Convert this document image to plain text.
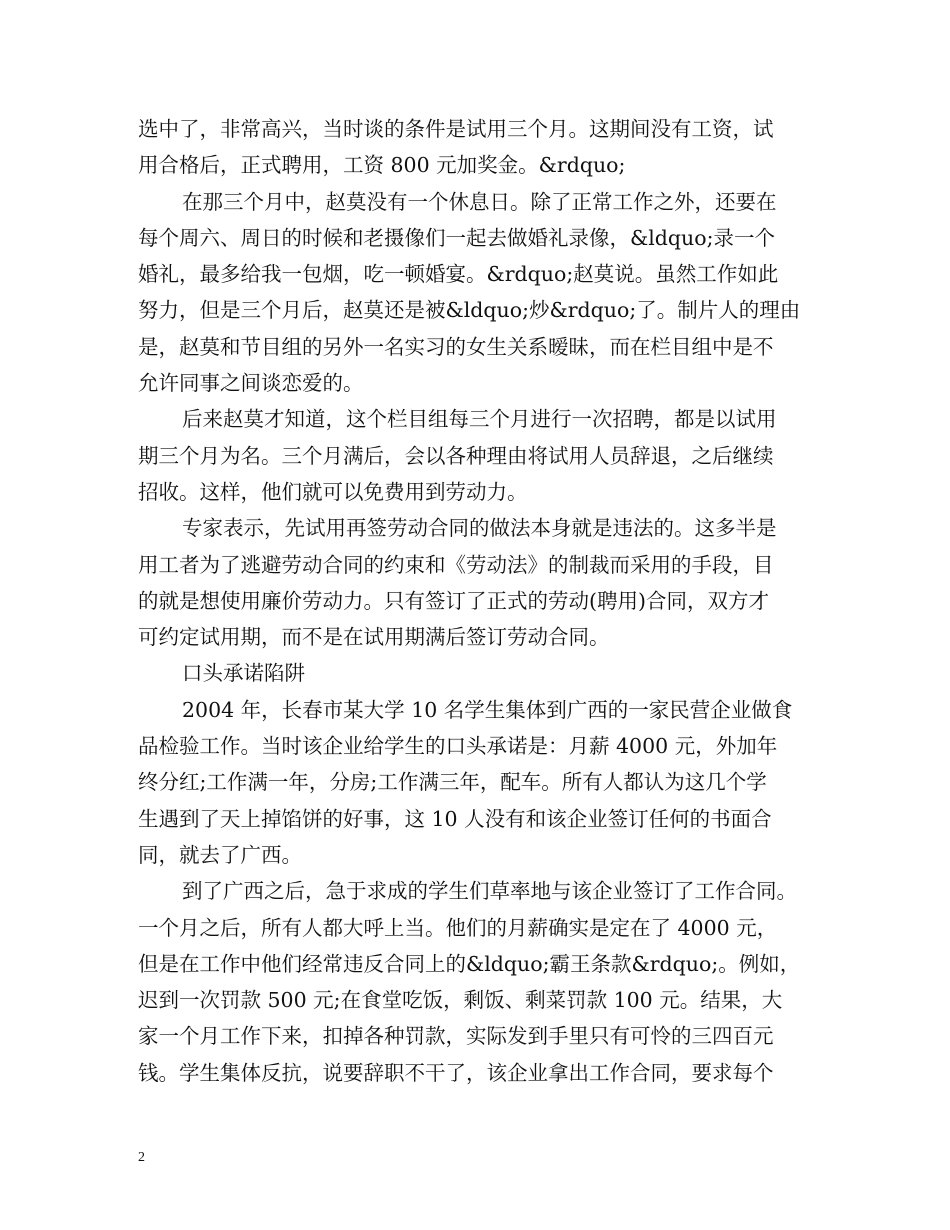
选中了，非常高兴，当时谈的条件是试用三个月。这期间没有工资，试
用合格后，正式聘用，工资 800 元加奖金。&rdquo;
在那三个月中，赵莫没有一个休息日。除了正常工作之外，还要在
每个周六、周日的时候和老摄像们一起去做婚礼录像，&ldquo;录一个
婚礼，最多给我一包烟，吃一顿婚宴。&rdquo;赵莫说。虽然工作如此
努力，但是三个月后，赵莫还是被&ldquo;炒&rdquo;了。制片人的理由
是，赵莫和节目组的另外一名实习的女生关系暧昧，而在栏目组中是不
允许同事之间谈恋爱的。
后来赵莫才知道，这个栏目组每三个月进行一次招聘，都是以试用
期三个月为名。三个月满后，会以各种理由将试用人员辞退，之后继续
招收。这样，他们就可以免费用到劳动力。
专家表示，先试用再签劳动合同的做法本身就是违法的。这多半是
用工者为了逃避劳动合同的约束和《劳动法》的制裁而采用的手段，目
的就是想使用廉价劳动力。只有签订了正式的劳动(聘用)合同，双方才
可约定试用期，而不是在试用期满后签订劳动合同。
口头承诺陷阱
2004 年，长春市某大学 10 名学生集体到广西的一家民营企业做食
品检验工作。当时该企业给学生的口头承诺是：月薪 4000 元，外加年
终分红;工作满一年，分房;工作满三年，配车。所有人都认为这几个学
生遇到了天上掉馅饼的好事，这 10 人没有和该企业签订任何的书面合
同，就去了广西。
到了广西之后，急于求成的学生们草率地与该企业签订了工作合同。
一个月之后，所有人都大呼上当。他们的月薪确实是定在了 4000 元，
但是在工作中他们经常违反合同上的&ldquo;霸王条款&rdquo;。例如，
迟到一次罚款 500 元;在食堂吃饭，剩饭、剩菜罚款 100 元。结果，大
家一个月工作下来，扣掉各种罚款，实际发到手里只有可怜的三四百元
钱。学生集体反抗，说要辞职不干了，该企业拿出工作合同，要求每个
2
